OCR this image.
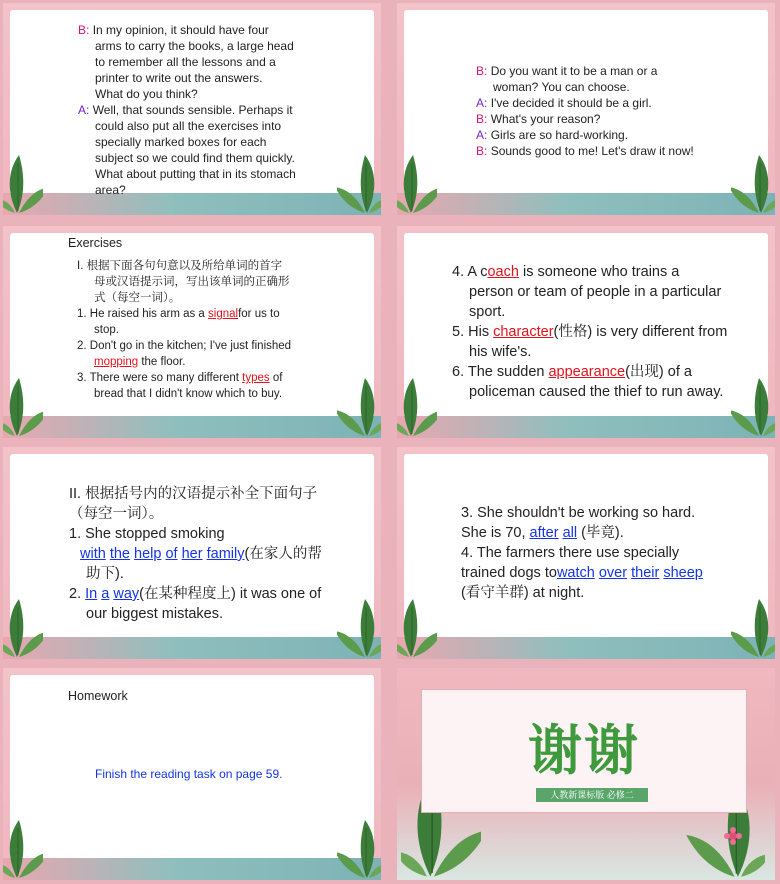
B: In my opinion, it should have four
arms to carry the books, a large head
to remember all the lessons and a
printer to write out the answers.
What do you think?
A: Well, that sounds sensible. Perhaps it
could also put all the exercises into
specially marked boxes for each
subject so we could find them quickly.
What about putting that in its stomach
area?
B: Do you want it to be a man or a
woman? You can choose.
A: I've decided it should be a girl.
B: What's your reason?
A: Girls are so hard-working.
B: Sounds good to me! Let's draw it now!
Exercises
I. 根据下面各句句意以及所给单词的首字
母或汉语提示词，写出该单词的正确形
式（每空一词）。
1. He raised his arm as a signalfor us to
stop.
2. Don't go in the kitchen; I've just finished
mopping the floor.
3. There were so many different types of
bread that I didn't know which to buy.
4. A coach is someone who trains a
person or team of people in a particular
sport.
5. His character(性格) is very different from
his wife's.
6. The sudden appearance(出现) of a
policeman caused the thief to run away.
II. 根据括号内的汉语提示补全下面句子
（每空一词）。
1. She stopped smoking
with the help of her family(在家人的帮
助下).
2. In a way(在某种程度上) it was one of
our biggest mistakes.
3. She shouldn't be working so hard.
She is 70, after all (毕竟).
4. The farmers there use specially
trained dogs towatch over their sheep
(看守羊群) at night.
Homework
Finish the reading task on page 59.	谢谢
人教新课标版 必修二
